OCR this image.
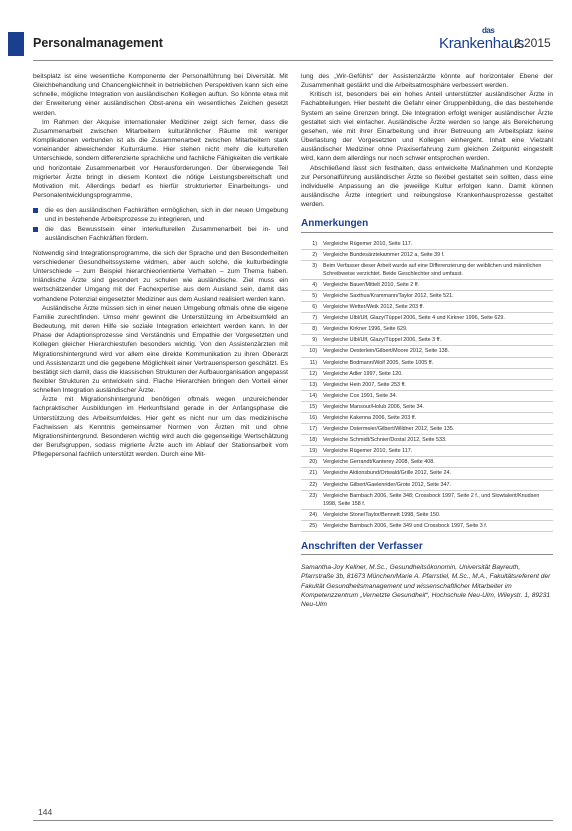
Personalmanagement
das
Krankenhaus
2.2015

beitsplatz ist eine wesentliche Komponente der Personalführung bei Diversität. Mit Gleichbehandlung und Chancengleichheit in betrieblichen Perspektiven kann sich eine schnelle, mögliche Integration von ausländischen Kollegen auftun. So könnte etwa mit der Erweiterung einer ausländischen Obst-arena ein wesentliches Zeichen gesetzt werden.

Im Rahmen der Akquise internationaler Mediziner zeigt sich ferner, dass die Zusammenarbeit zwischen Mitarbeitern kulturähnlicher Räume mit weniger Komplikationen verbunden ist als die Zusammenarbeit zwischen Mitarbeitern stark voneinander abweichender Kulturräume. Hier stehen nicht mehr die kulturellen Unterschiede, sondern differenzierte sprachliche und fachliche Fähigkeiten die vertikale und horizontale Zusammenarbeit vor Herausforderungen. Der überwiegende Teil migrierter Ärzte bringt in diesem Kontext die nötige Leistungsbereitschaft und Motivation mit. Allerdings bedarf es hierfür strukturierter Einarbeitungs- und Personalentwicklungsprogramme,

die es den ausländischen Fachkräften ermöglichen, sich in der neuen Umgebung und in bestehende Arbeitsprozesse zu integrieren, und
die das Bewusstsein einer interkulturellen Zusammenarbeit bei in- und ausländischen Fachkräften fördern.

Notwendig sind Integrationsprogramme, die sich der Sprache und den Besonderheiten verschiedener Gesundheitssysteme widmen, aber auch solche, die kulturbedingte Unterschiede – zum Beispiel hierarchieorientierte Verhalten – zum Thema haben. Inländische Ärzte sind gesondert zu schulen wie ausländische. Ziel muss ein wertschätzender Umgang mit der Fachexpertise aus dem Ausland sein, damit das vorhandene Potenzial eingesetzter Mediziner aus dem Ausland realisiert werden kann.

Ausländische Ärzte müssen sich in einer neuen Umgebung oftmals ohne die eigene Familie zurechtfinden. Umso mehr gewinnt die Unterstützung im Arbeitsumfeld an Bedeutung, mit deren Hilfe sie soziale Integration erleichtert werden kann. In der Phase der Adaptionsprozesse sind Verständnis und Empathie der Vorgesetzten und Kollegen gleicher Hierarchiestufen besonders wichtig. Von den Assistenzärzten mit Migrationshintergrund wird vor allem eine direkte Kommunikation zu ihren Oberarzt und Assistenzarzt und die gegebene Möglichkeit einer Vertrauensperson geschätzt. Es bestätigt sich damit, dass die klassischen Strukturen der Aufbauorganisation angepasst flexibler Strukturen zu entwickeln sind. Flache Hierarchien bringen den Vorteil einer schnellen Integration ausländischer Ärzte.

Ärzte mit Migrationshintergrund benötigen oftmals wegen unzureichender fachpraktischer Ausbildungen im Herkunftsland gerade in der Anfangsphase die Unterstützung des Arbeitsumfeldes. Hier geht es nicht nur um das medizinische Fachwissen als Kenntnis gemeinsamer Normen von Ärzten mit und ohne Migrationshintergrund. Besonderen wichtig wird auch die gegenseitige Wertschätzung der Berufsgruppen, sodass migrierte Ärzte auch im Ablauf der Stationsarbeit vom Pflegepersonal fachlich unterstützt werden. Durch eine Mit-

lung des „Wir-Gefühls“ der Assistenzärzte könnte auf horizontaler Ebene der Zusammenhalt gestärkt und die Arbeitsatmosphäre verbessert werden.

Kritisch ist, besonders bei ein hohes Anteil unterstützter ausländischer Ärzte in Fachabteilungen. Hier besteht die Gefahr einer Gruppenbildung, die das bestehende System an seine Grenzen bringt. Die Integration erfolgt weniger ausländischer Ärzte gestaltet sich viel einfacher. Ausländische Ärzte werden so lange als Bereicherung gesehen, wie mit ihrer Einarbeitung und ihrer Betreuung am Arbeitsplatz keine Überlastung der Vorgesetzten und Kollegen einhergeht. Inhalt eine Vielzahl ausländischer Mediziner ohne Praxiserfahrung zum gleichen Zeitpunkt eingestellt wird, kann dem allerdings nur noch schwer entsprochen werden.

Abschließend lässt sich festhalten, dass entwickelte Maßnahmen und Konzepte zur Personalführung ausländischer Ärzte so flexibel gestaltet sein sollten, dass eine individuelle Anpassung an die jeweilige Kultur erfolgen kann. Damit können ausländische Ärzte integriert und reibungslose Krankenhausprozesse gestaltet werden.

Anmerkungen
1)	Vergleiche Rügemer 2010, Seite 117.
2)	Vergleiche Bundesärztekammer 2012 a, Seite 39 f.
3)	Beim Verfasser dieser Arbeit wurde auf eine Differenzierung der weiblichen und männlichen Schreibweise verzichtet. Beide Geschlechter sind umfasst.
4)	Vergleiche Bauer/Mittelt 2010, Seite 2 ff.
5)	Vergleiche Saxthus/Krammann/Taylor 2012, Seite 521.
6)	Vergleiche Wetter/Weik 2012, Seite 203 ff.
7)	Vergleiche Ulbl/Ulf, Glazy/Tüppel 2006, Seite 4 und Kirkner 1996, Seite 629.
8)	Vergleiche Kirkner 1996, Seite 629.
9)	Vergleiche Ulbl/Ulf, Glazy/Tüppel 2006, Seite 3 ff.
10)	Vergleiche Oesterlein/Gilbert/Moore 2012, Seite 138.
11)	Vergleiche Bodmann/Wolf 2005, Seite 1005 ff.
12)	Vergleiche Adler 1997, Seite 120.
13)	Vergleiche Hein 2007, Seite 253 ff.
14)	Vergleiche Cox 1991, Seite 34.
15)	Vergleiche Mansour/Holub 2006, Seite 34.
16)	Vergleiche Kakenna 2006, Seite 203 ff.
17)	Vergleiche Ostermeier/Gilbert/Wildner 2012, Seite 135.
18)	Vergleiche Schmidt/Schnier/Dostal 2012, Seite 533.
19)	Vergleiche Rügemer 2010, Seite 117.
20)	Vergleiche Gerrandt/Kanterey 2008, Seite 408.
21)	Vergleiche Aktionsbund/Ortwald/Grille 2012, Seite 24.
22)	Vergleiche Gilbert/Gaelenrider/Grote 2012, Seite 347.
23)	Vergleiche Barnbach 2006, Seite 348; Crossbock 1997, Seite 2 f., und Slowtalent/Knudsen 1998, Seite 158 f.
24)	Vergleiche Stone/Taylor/Bennett 1998, Seite 150.
25)	Vergleiche Barnbach 2006, Seite 349 und Crossbock 1997, Seite 3 f.
Anschriften der Verfasser
Samantha-Joy Kellner, M.Sc., Gesundheitsökonomin, Universität Bayreuth, Pfarrstraße 3b, 81673 München/Marie A. Pfarrstiel, M.Sc., M.A., Fakultätsreferent der Fakultät Gesundheitsmanagement und wissenschaftlicher Mitarbeiter im Kompetenzzentrum „Vernetzte Gesundheit“, Hochschule Neu-Ulm, Wileystr. 1, 89231 Neu-Ulm
144
